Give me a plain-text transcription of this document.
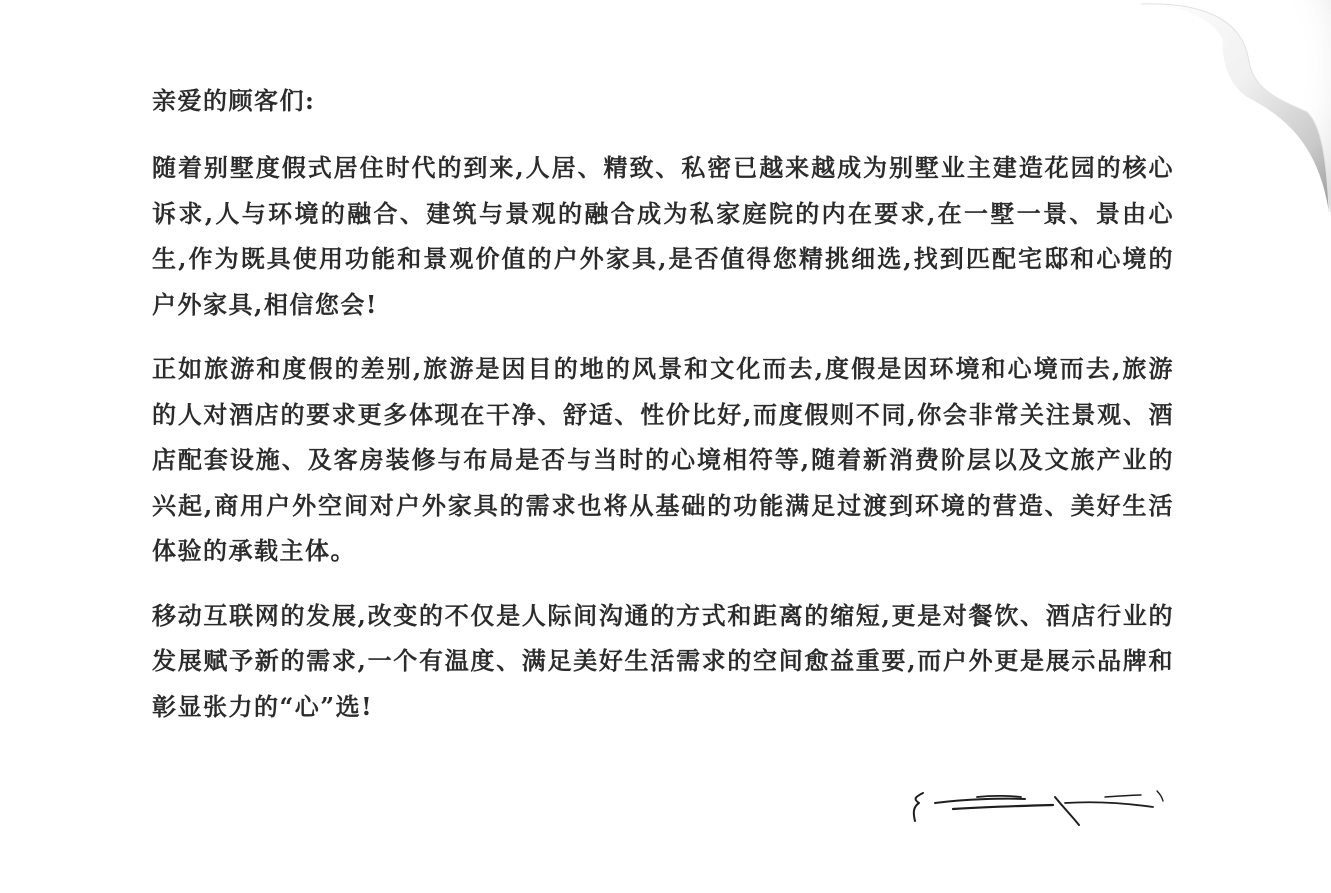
亲爱的顾客们:

随着别墅度假式居住时代的到来,人居、精致、私密已越来越成为别墅业主建造花园的核心诉求,人与环境的融合、建筑与景观的融合成为私家庭院的内在要求,在一墅一景、景由心生,作为既具使用功能和景观价值的户外家具,是否值得您精挑细选,找到匹配宅邸和心境的户外家具,相信您会!

正如旅游和度假的差别,旅游是因目的地的风景和文化而去,度假是因环境和心境而去,旅游的人对酒店的要求更多体现在干净、舒适、性价比好,而度假则不同,你会非常关注景观、酒店配套设施、及客房装修与布局是否与当时的心境相符等,随着新消费阶层以及文旅产业的兴起,商用户外空间对户外家具的需求也将从基础的功能满足过渡到环境的营造、美好生活体验的承载主体。

移动互联网的发展,改变的不仅是人际间沟通的方式和距离的缩短,更是对餐饮、酒店行业的发展赋予新的需求,一个有温度、满足美好生活需求的空间愈益重要,而户外更是展示品牌和彰显张力的“心”选!
